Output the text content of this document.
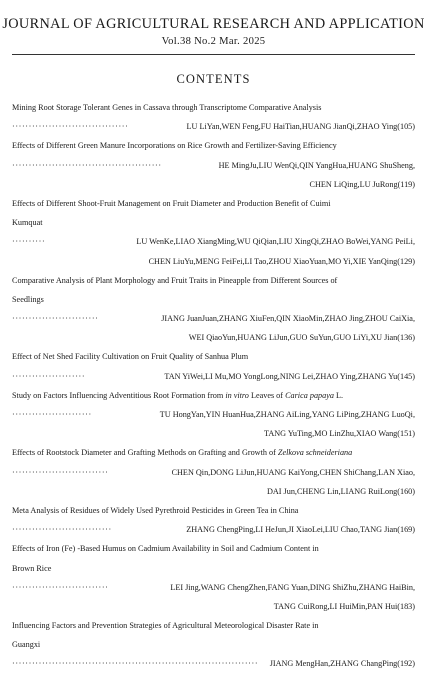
JOURNAL OF AGRICULTURAL RESEARCH AND APPLICATION
Vol.38 No.2 Mar. 2025
CONTENTS
Mining Root Storage Tolerant Genes in Cassava through Transcriptome Comparative Analysis
···································	LU LiYan,WEN Feng,FU HaiTian,HUANG JianQi,ZHAO Ying(105)
Effects of Different Green Manure Incorporations on Rice Growth and Fertilizer-Saving Efficiency
·············································	HE MingJu,LIU WenQi,QIN YangHua,HUANG ShuSheng,
CHEN LiQing,LU JuRong(119)
Effects of Different Shoot-Fruit Management on Fruit Diameter and Production Benefit of Cuimi
Kumquat
··········	LU WenKe,LIAO XiangMing,WU QiQian,LIU XingQi,ZHAO BoWei,YANG PeiLi,
CHEN LiuYu,MENG FeiFei,LI Tao,ZHOU XiaoYuan,MO Yi,XIE YanQing(129)
Comparative Analysis of Plant Morphology and Fruit Traits in Pineapple from Different Sources of
Seedlings
··························	JIANG JuanJuan,ZHANG XiuFen,QIN XiaoMin,ZHAO Jing,ZHOU CaiXia,
WEI QiaoYun,HUANG LiJun,GUO SuYun,GUO LiYi,XU Jian(136)
Effect of Net Shed Facility Cultivation on Fruit Quality of Sanhua Plum
······················	TAN YiWei,LI Mu,MO YongLong,NING Lei,ZHAO Ying,ZHANG Yu(145)
Study on Factors Influencing Adventitious Root Formation from in vitro Leaves of Carica papaya L.
························	TU HongYan,YIN HuanHua,ZHANG AiLing,YANG LiPing,ZHANG LuoQi,
TANG YuTing,MO LinZhu,XIAO Wang(151)
Effects of Rootstock Diameter and Grafting Methods on Grafting and Growth of Zelkova schneideriana
·····························	CHEN Qin,DONG LiJun,HUANG KaiYong,CHEN ShiChang,LAN Xiao,
DAI Jun,CHENG Lin,LIANG RuiLong(160)
Meta Analysis of Residues of Widely Used Pyrethroid Pesticides in Green Tea in China
······························	ZHANG ChengPing,LI HeJun,JI XiaoLei,LIU Chao,TANG Jian(169)
Effects of Iron (Fe) -Based Humus on Cadmium Availability in Soil and Cadmium Content in
Brown Rice
·····························	LEI Jing,WANG ChengZhen,FANG Yuan,DING ShiZhu,ZHANG HaiBin,
TANG CuiRong,LI HuiMin,PAN Hui(183)
Influencing Factors and Prevention Strategies of Agricultural Meteorological Disaster Rate in
Guangxi
··········································································	JIANG MengHan,ZHANG ChangPing(192)
